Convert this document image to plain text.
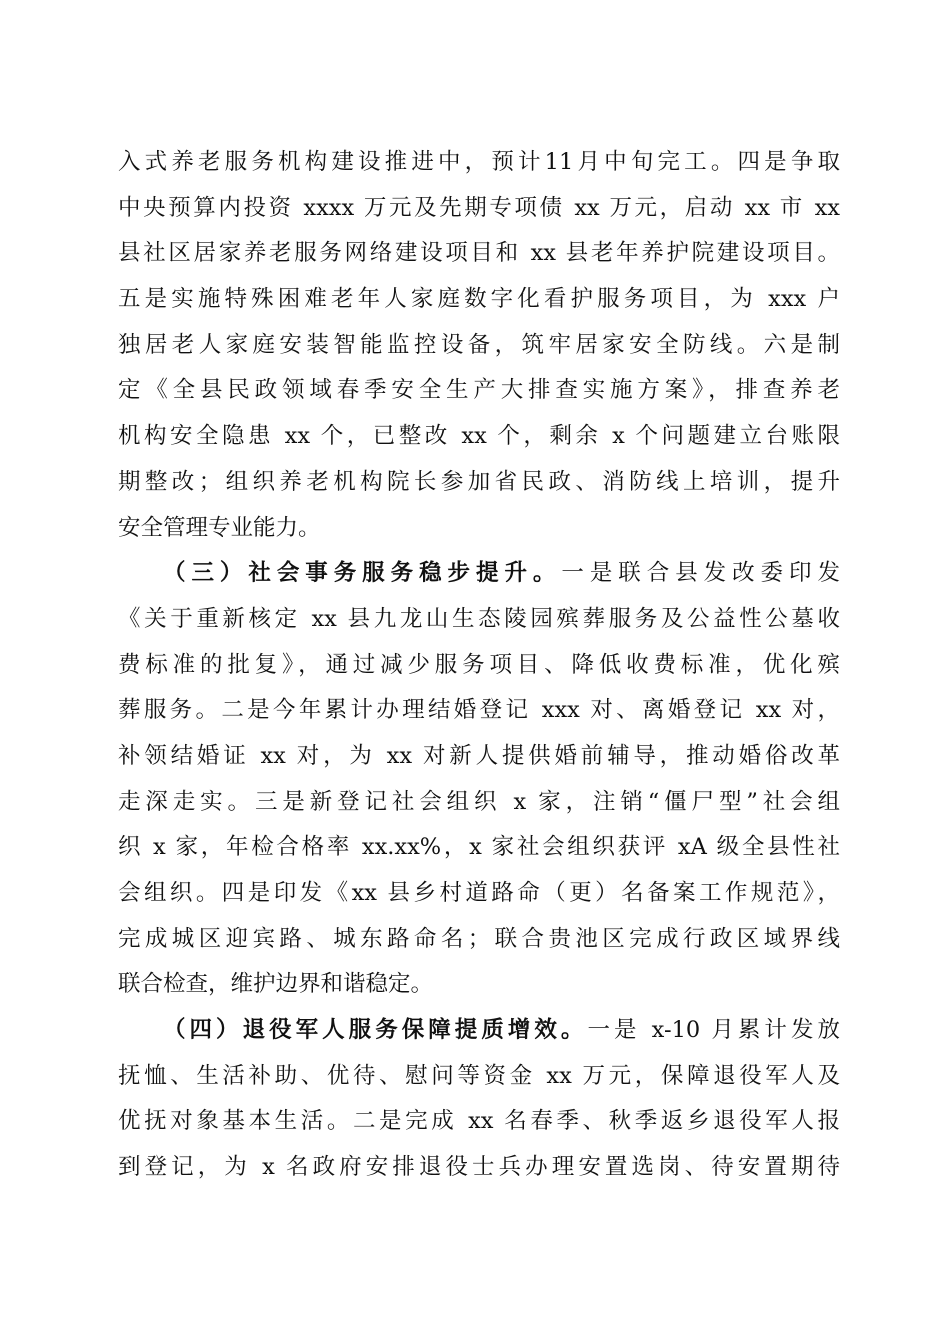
入式养老服务机构建设推进中，预计11月中旬完工。四是争取
中央预算内投资 xxxx 万元及先期专项债 xx 万元，启动 xx 市 xx
县社区居家养老服务网络建设项目和 xx 县老年养护院建设项目。
五是实施特殊困难老年人家庭数字化看护服务项目，为 xxx 户
独居老人家庭安装智能监控设备，筑牢居家安全防线。六是制
定《全县民政领域春季安全生产大排查实施方案》，排查养老
机构安全隐患 xx 个，已整改 xx 个，剩余 x 个问题建立台账限
期整改；组织养老机构院长参加省民政、消防线上培训，提升
安全管理专业能力。
（三）社会事务服务稳步提升。一是联合县发改委印发
《关于重新核定 xx 县九龙山生态陵园殡葬服务及公益性公墓收
费标准的批复》，通过减少服务项目、降低收费标准，优化殡
葬服务。二是今年累计办理结婚登记 xxx 对、离婚登记 xx 对，
补领结婚证 xx 对，为 xx 对新人提供婚前辅导，推动婚俗改革
走深走实。三是新登记社会组织 x 家，注销“僵尸型”社会组
织 x 家，年检合格率 xx.xx%，x 家社会组织获评 xA 级全县性社
会组织。四是印发《xx 县乡村道路命（更）名备案工作规范》，
完成城区迎宾路、城东路命名；联合贵池区完成行政区域界线
联合检查，维护边界和谐稳定。
（四）退役军人服务保障提质增效。一是 x-10 月累计发放
抚恤、生活补助、优待、慰问等资金 xx 万元，保障退役军人及
优抚对象基本生活。二是完成 xx 名春季、秋季返乡退役军人报
到登记，为 x 名政府安排退役士兵办理安置选岗、待安置期待
